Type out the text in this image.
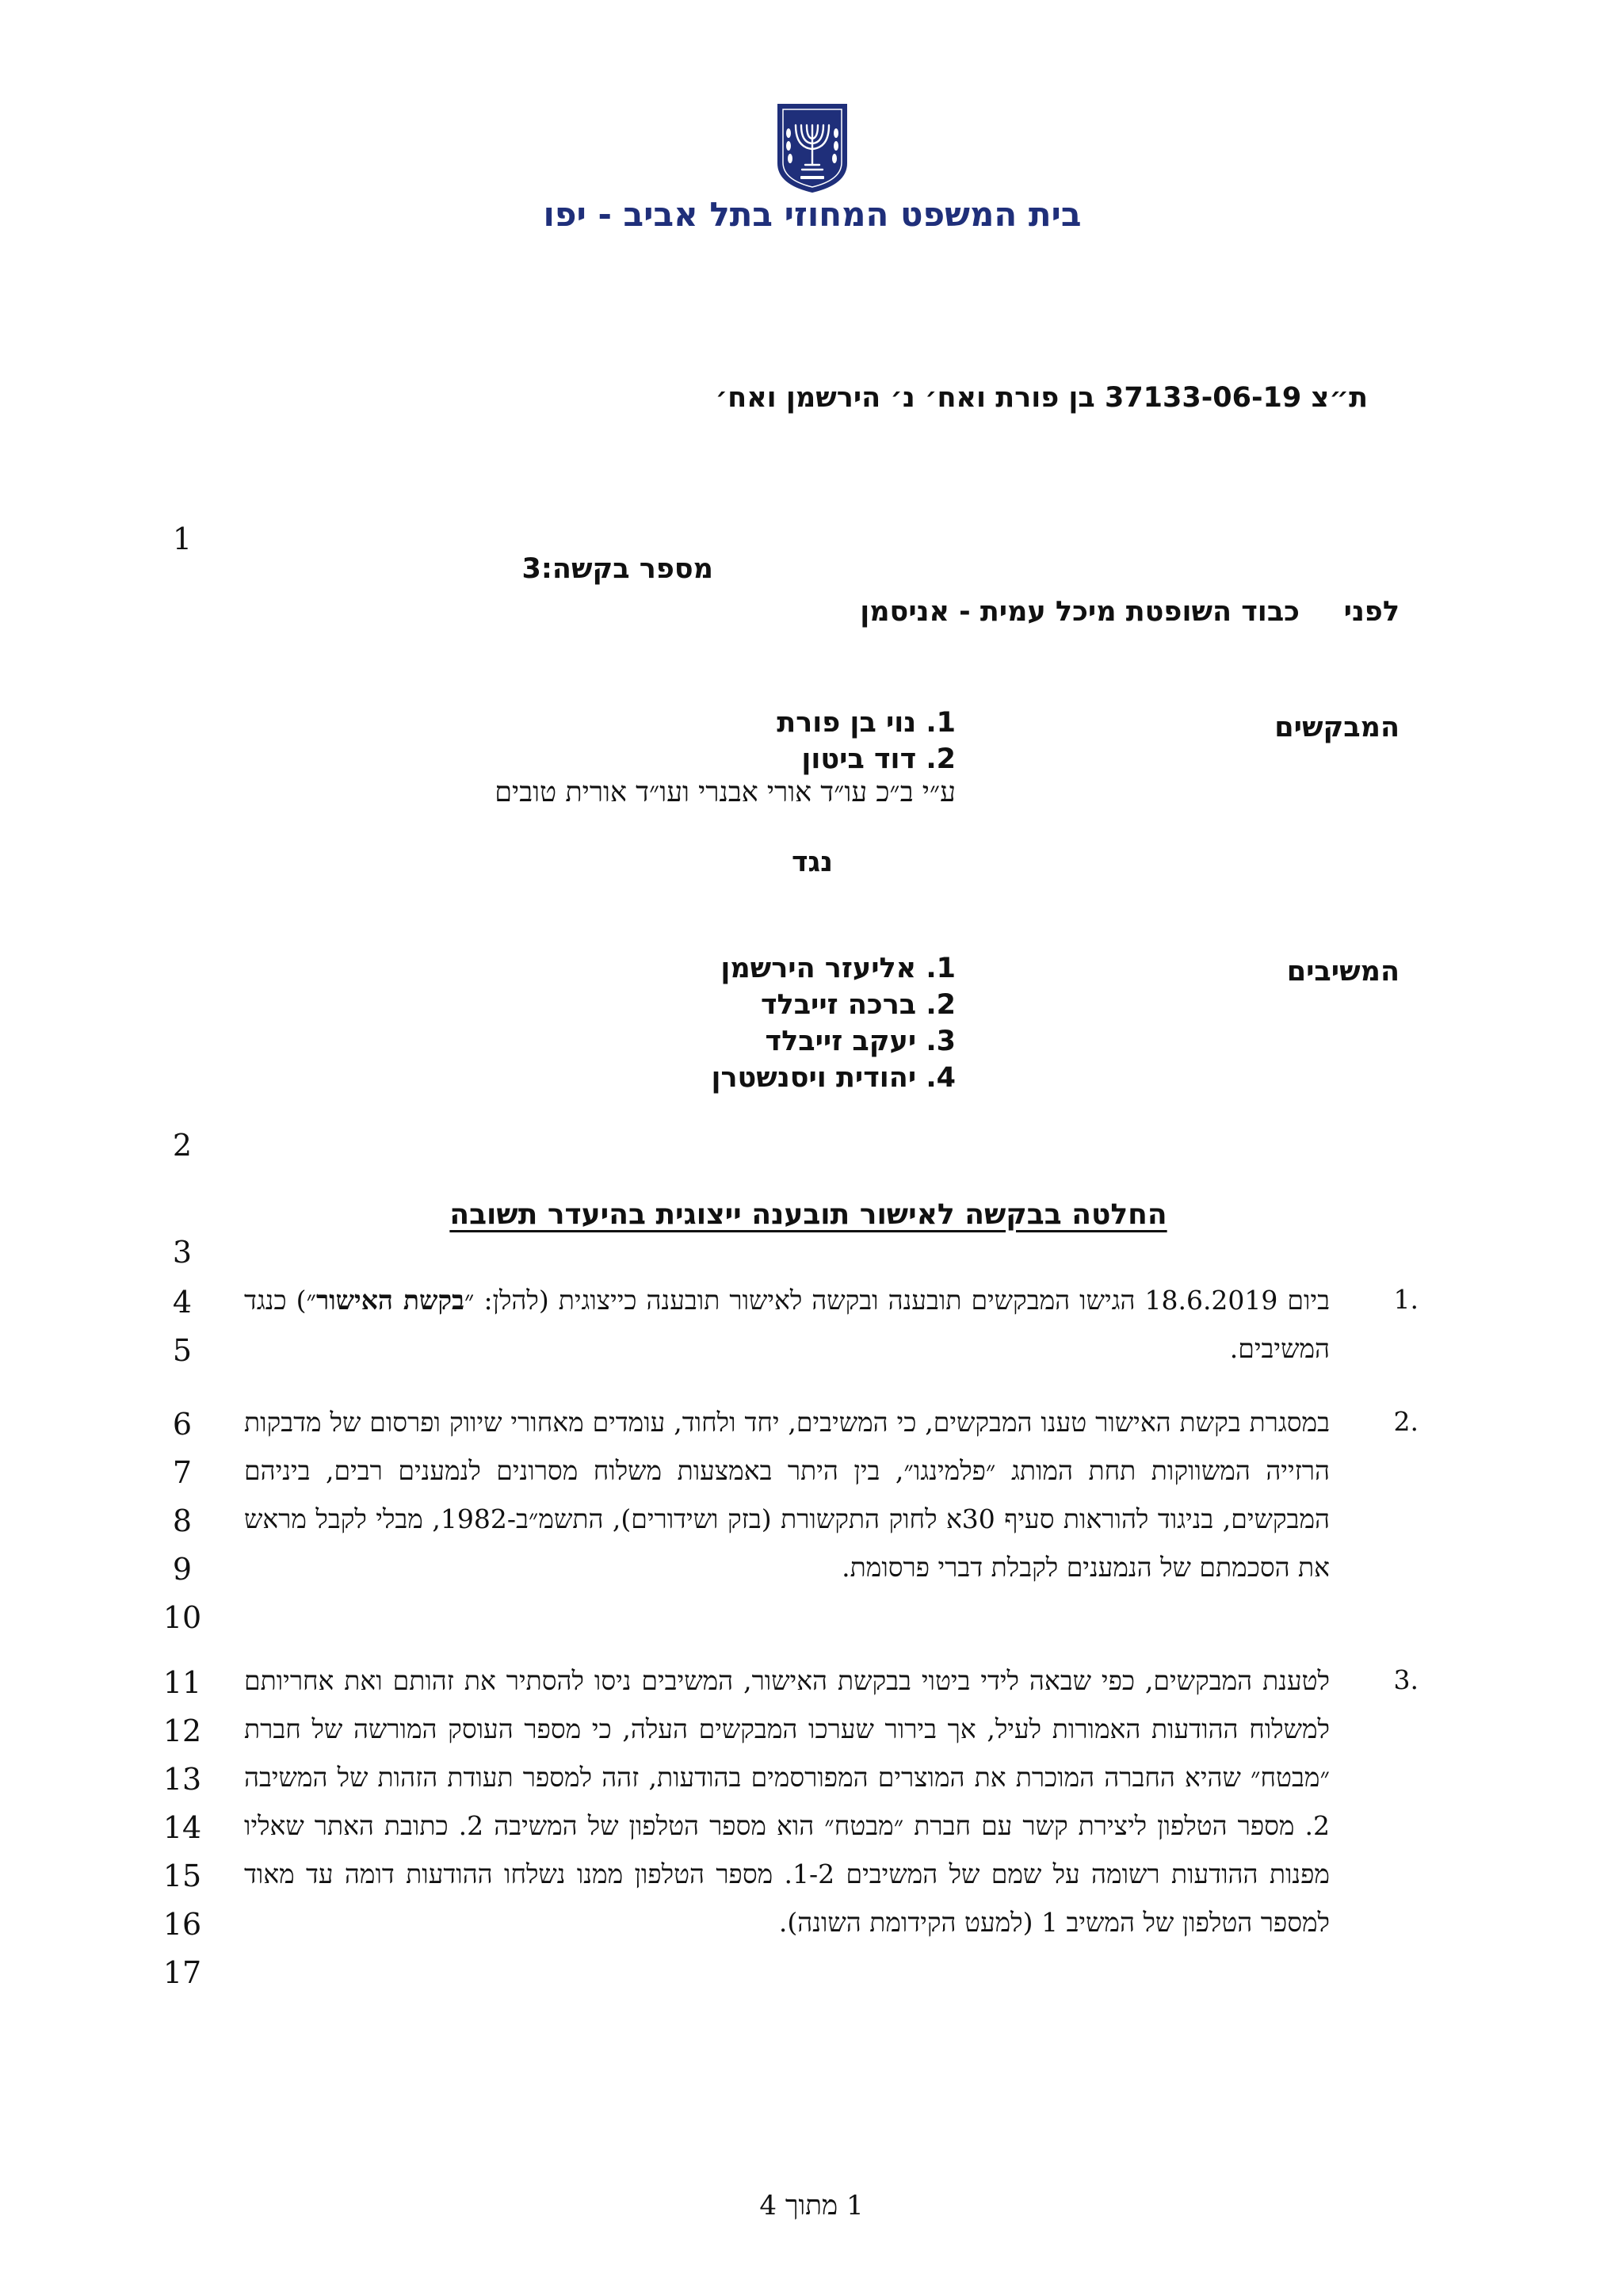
בית המשפט המחוזי בתל אביב - יפו
ת״צ 37133-06-19 בן פורת ואח׳ נ׳ הירשמן ואח׳
1
מספר בקשה:3
לפני
כבוד השופטת מיכל עמית - אניסמן
המבקשים
1. נוי בן פורת
2. דוד ביטון
ע״י ב״כ עו״ד אורי אבנרי ועו״ד אורית טובים
נגד
המשיבים
1. אליעזר הירשמן
2. ברכה זייבלד
3. יעקב זייבלד
4. יהודית ויסנשטרן
2
החלטה בבקשה לאישור תובענה ייצוגית בהיעדר תשובה
3
4
5
1.
ביום 18.6.2019 הגישו המבקשים תובענה ובקשה לאישור תובענה כייצוגית (להלן: ״בקשת האישור״) כנגד המשיבים.
6
7
8
9
10
2.
במסגרת בקשת האישור טענו המבקשים, כי המשיבים, יחד ולחוד, עומדים מאחורי שיווק ופרסום של מדבקות הרזייה המשווקות תחת המותג ״פלמינגו״, בין היתר באמצעות משלוח מסרונים לנמענים רבים, ביניהם המבקשים, בניגוד להוראות סעיף 30א לחוק התקשורת (בזק ושידורים), התשמ״ב-1982, מבלי לקבל מראש את הסכמתם של הנמענים לקבלת דברי פרסומת.
11
12
13
14
15
16
17
3.
לטענת המבקשים, כפי שבאה לידי ביטוי בבקשת האישור, המשיבים ניסו להסתיר את זהותם ואת אחריותם למשלוח ההודעות האמורות לעיל, אך בירור שערכו המבקשים העלה, כי מספר העוסק המורשה של חברת ״מבטח״ שהיא החברה המוכרת את המוצרים המפורסמים בהודעות, זהה למספר תעודת הזהות של המשיבה 2. מספר הטלפון ליצירת קשר עם חברת ״מבטח״ הוא מספר הטלפון של המשיבה 2. כתובת האתר שאליו מפנות ההודעות רשומה על שמם של המשיבים 1-2. מספר הטלפון ממנו נשלחו ההודעות דומה עד מאוד למספר הטלפון של המשיב 1 (למעט הקידומת השונה).
1 מתוך 4
